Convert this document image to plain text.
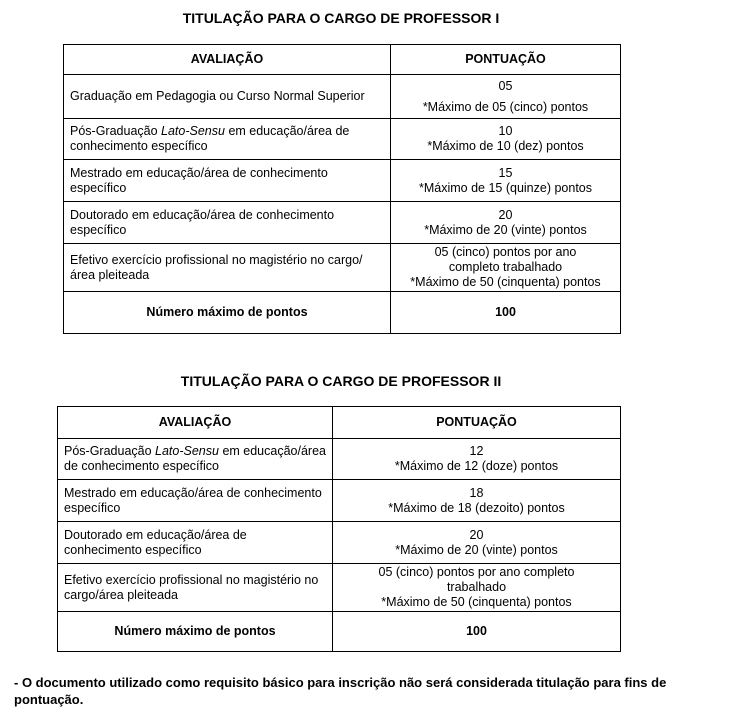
TITULAÇÃO PARA O CARGO DE PROFESSOR I
AVALIAÇÃO	PONTUAÇÃO
Graduação em Pedagogia ou Curso Normal Superior	05
*Máximo de 05 (cinco) pontos

Pós-Graduação Lato-Sensu em educação/área de conhecimento específico	10
*Máximo de 10 (dez) pontos

Mestrado em educação/área de conhecimento específico	15
*Máximo de 15 (quinze) pontos

Doutorado em educação/área de conhecimento específico	20
*Máximo de 20 (vinte) pontos

Efetivo exercício profissional no magistério no cargo/área pleiteada	05 (cinco) pontos por ano completo trabalhado
*Máximo de 50 (cinquenta) pontos

Número máximo de pontos	100
TITULAÇÃO PARA O CARGO DE PROFESSOR II
AVALIAÇÃO	PONTUAÇÃO
Pós-Graduação Lato-Sensu em educação/área de conhecimento específico	12
*Máximo de 12 (doze) pontos

Mestrado em educação/área de conhecimento específico	18
*Máximo de 18 (dezoito) pontos

Doutorado em educação/área de conhecimento específico	20
*Máximo de 20 (vinte) pontos

Efetivo exercício profissional no magistério no cargo/área pleiteada	05 (cinco) pontos por ano completo trabalhado
*Máximo de 50 (cinquenta) pontos

Número máximo de pontos	100
- O documento utilizado como requisito básico para inscrição não será considerada titulação para fins de pontuação.
